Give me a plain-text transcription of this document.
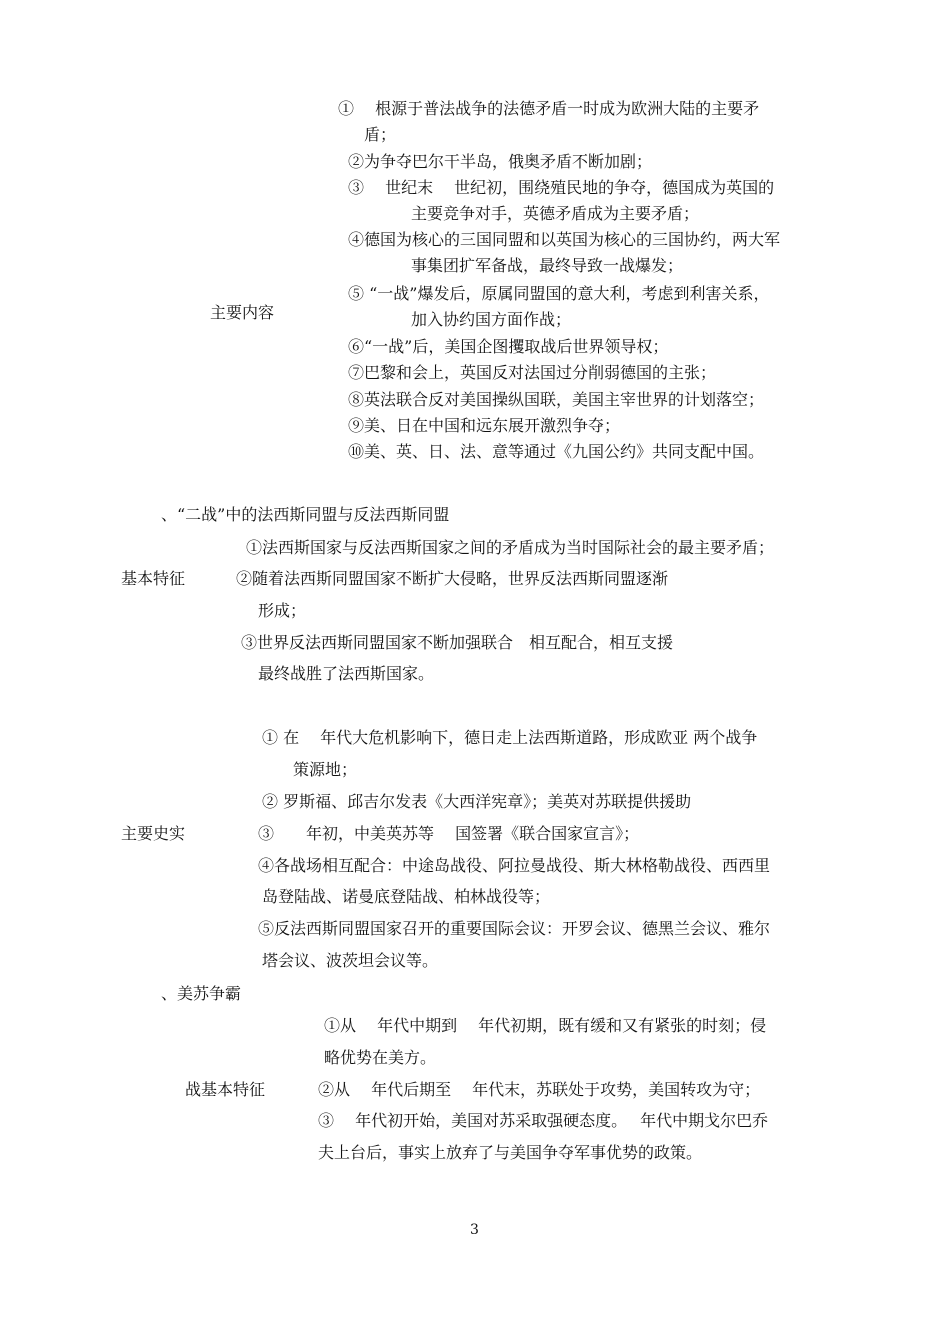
①　 根源于普法战争的法德矛盾一时成为欧洲大陆的主要矛
盾；
②为争夺巴尔干半岛，俄奥矛盾不断加剧；
③　 世纪末　 世纪初，围绕殖民地的争夺，德国成为英国的
主要竞争对手，英德矛盾成为主要矛盾；
④德国为核心的三国同盟和以英国为核心的三国协约，两大军
事集团扩军备战，最终导致一战爆发；
⑤ “一战”爆发后，原属同盟国的意大利，考虑到利害关系，
加入协约国方面作战；
主要内容
⑥“一战”后，美国企图攫取战后世界领导权；
⑦巴黎和会上，英国反对法国过分削弱德国的主张；
⑧英法联合反对美国操纵国联，美国主宰世界的计划落空；
⑨美、日在中国和远东展开激烈争夺；
⑩美、英、日、法、意等通过《九国公约》共同支配中国。
、“二战”中的法西斯同盟与反法西斯同盟
①法西斯国家与反法西斯国家之间的矛盾成为当时国际社会的最主要矛盾；
基本特征	②随着法西斯同盟国家不断扩大侵略，世界反法西斯同盟逐渐
形成；
③世界反法西斯同盟国家不断加强联合　相互配合，相互支援
最终战胜了法西斯国家。
① 在　 年代大危机影响下，德日走上法西斯道路，形成欧亚 两个战争
策源地；
② 罗斯福、邱吉尔发表《大西洋宪章》；美英对苏联提供援助
主要史实	③　　年初，中美英苏等　 国签署《联合国家宣言》；
④各战场相互配合：中途岛战役、阿拉曼战役、斯大林格勒战役、西西里
岛登陆战、诺曼底登陆战、柏林战役等；
⑤反法西斯同盟国家召开的重要国际会议：开罗会议、德黑兰会议、雅尔
塔会议、波茨坦会议等。
、美苏争霸
①从　 年代中期到　 年代初期，既有缓和又有紧张的时刻；侵
略优势在美方。
战基本特征	②从　 年代后期至　 年代末，苏联处于攻势，美国转攻为守；
③　 年代初开始，美国对苏采取强硬态度。　 年代中期戈尔巴乔
夫上台后，事实上放弃了与美国争夺军事优势的政策。
3
